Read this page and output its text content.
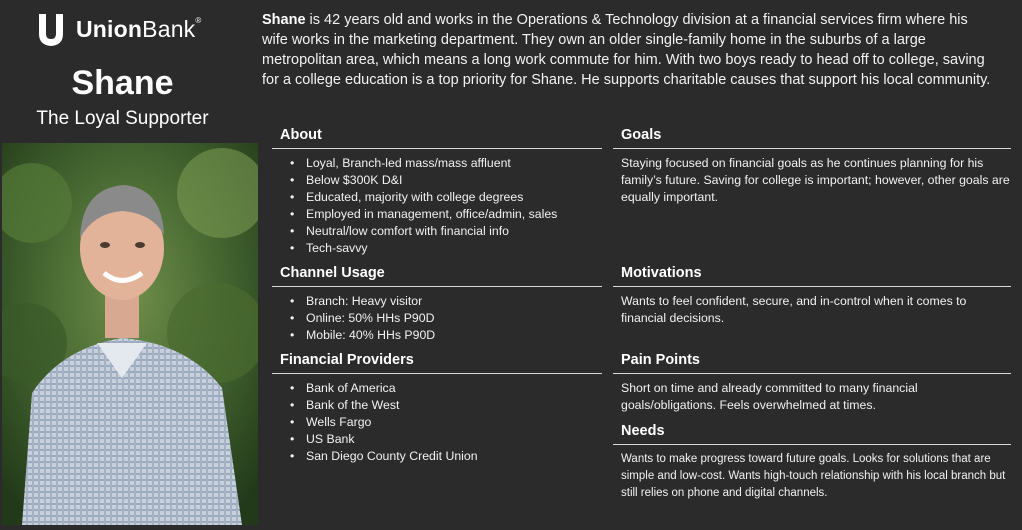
UnionBank®
Shane
The Loyal Supporter
Shane is 42 years old and works in the Operations & Technology division at a financial services firm where his wife works in the marketing department. They own an older single-family home in the suburbs of a large metropolitan area, which means a long work commute for him. With two boys ready to head off to college, saving for a college education is a top priority for Shane. He supports charitable causes that support his local community.
About
• Loyal, Branch-led mass/mass affluent
• Below $300K D&I
• Educated, majority with college degrees
• Employed in management, office/admin, sales
• Neutral/low comfort with financial info
• Tech-savvy
Channel Usage
• Branch: Heavy visitor
• Online: 50% HHs P90D
• Mobile: 40% HHs P90D
Financial Providers
• Bank of America
• Bank of the West
• Wells Fargo
• US Bank
• San Diego County Credit Union
Goals

Staying focused on financial goals as he continues planning for his family’s future. Saving for college is important; however, other goals are equally important.

Motivations

Wants to feel confident, secure, and in-control when it comes to financial decisions.

Pain Points

Short on time and already committed to many financial goals/obligations. Feels overwhelmed at times.

Needs

Wants to make progress toward future goals. Looks for solutions that are simple and low-cost. Wants high-touch relationship with his local branch but still relies on phone and digital channels.
